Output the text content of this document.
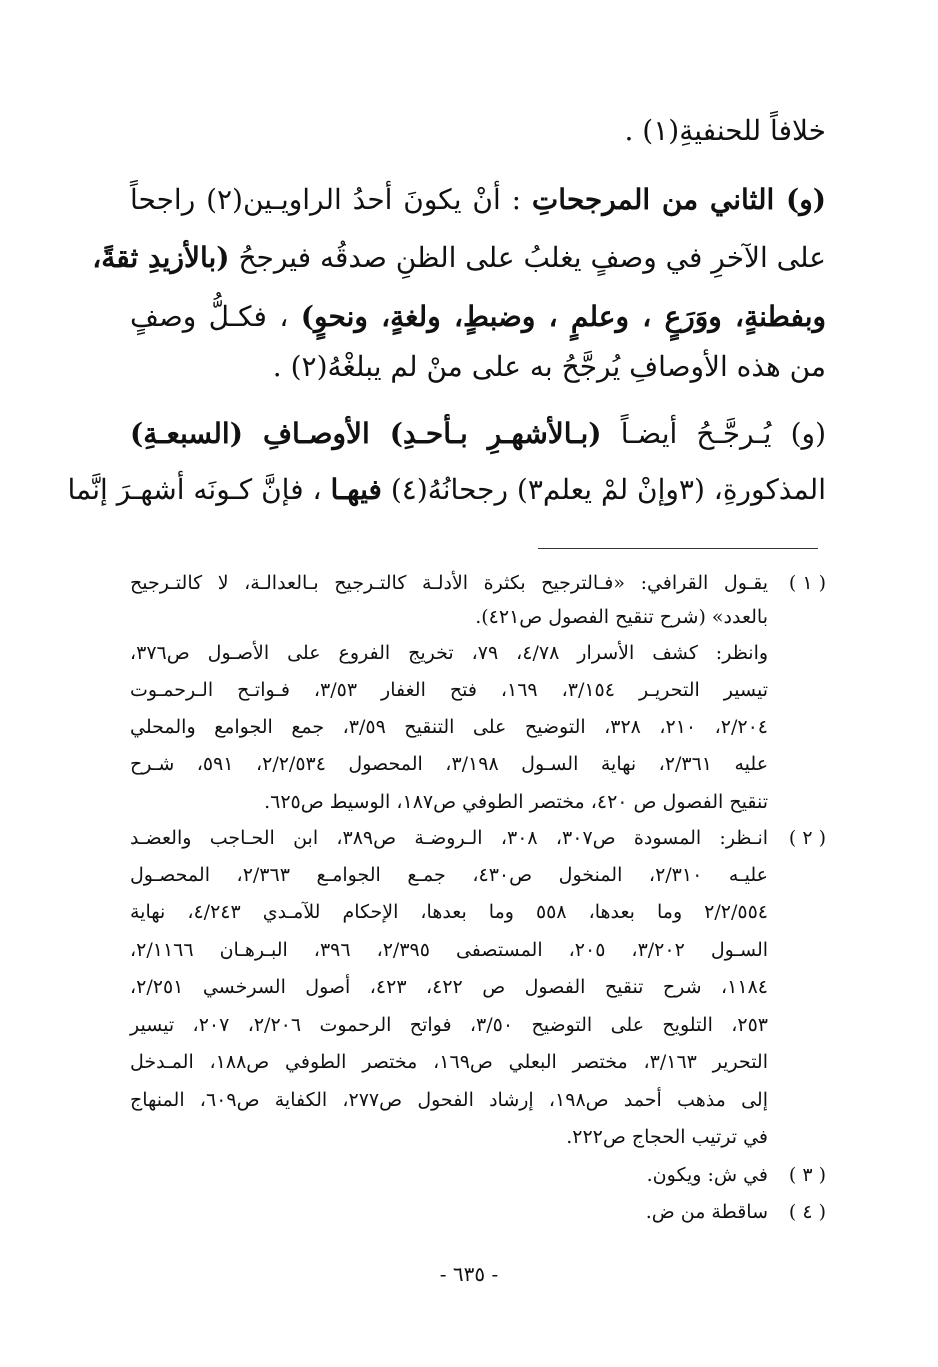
خلافاً للحنفيةِ(١) .
(و) الثاني من المرجحاتِ : أنْ يكونَ أحدُ الراويـين(٢) راجحاً
على الآخرِ في وصفٍ يغلبُ على الظنِ صدقُه فيرجحُ (بالأزيدِ ثقةً،
وبفطنةٍ، ووَرَعٍ ، وعلمٍ ، وضبطٍ، ولغةٍ، ونحوٍ) ، فكـلُّ وصفٍ
من هذه الأوصافِ يُرجَّحُ به على منْ لم يبلغْهُ(٢) .
(و) يُـرجَّـحُ أيضـاً (بـالأشهـرِ بـأحـدِ) الأوصـافِ (السبعـةِ)
المذكورةِ، (٣وإنْ لمْ يعلم٣) رجحانُهُ(٤) فيهـا ، فإنَّ كـونَه أشهـرَ إنَّما
( ١ )
يقـول القرافي: «فـالترجيح بكثرة الأدلـة كالتـرجيح بـالعدالـة، لا كالتـرجيح
بالعدد» (شرح تنقيح الفصول ص٤٢١).
وانظر: كشف الأسرار ٤/٧٨، ٧٩، تخريج الفروع على الأصـول ص٣٧٦،
تيسير التحريـر ٣/١٥٤، ١٦٩، فتح الغفار ٣/٥٣، فـواتـح الـرحمـوت
٢/٢٠٤، ٢١٠، ٣٢٨، التوضيح على التنقيح ٣/٥٩، جمع الجوامع والمحلي
عليه ٢/٣٦١، نهاية السـول ٣/١٩٨، المحصول ٢/٢/٥٣٤، ٥٩١، شـرح
تنقيح الفصول ص ٤٢٠، مختصر الطوفي ص١٨٧، الوسيط ص٦٢٥.
( ٢ )
انـظر: المسودة ص٣٠٧، ٣٠٨، الـروضـة ص٣٨٩، ابن الحـاجب والعضـد
عليـه ٢/٣١٠، المنخول ص٤٣٠، جمـع الجوامـع ٢/٣٦٣، المحصـول
٢/٢/٥٥٤ وما بعدها، ٥٥٨ وما بعدها، الإحكام للآمـدي ٤/٢٤٣، نهاية
السـول ٣/٢٠٢، ٢٠٥، المستصفى ٢/٣٩٥، ٣٩٦، البـرهـان ٢/١١٦٦،
١١٨٤، شرح تنقيح الفصول ص ٤٢٢، ٤٢٣، أصول السرخسي ٢/٢٥١،
٢٥٣، التلويح على التوضيح ٣/٥٠، فواتح الرحموت ٢/٢٠٦، ٢٠٧، تيسير
التحرير ٣/١٦٣، مختصر البعلي ص١٦٩، مختصر الطوفي ص١٨٨، المـدخل
إلى مذهب أحمد ص١٩٨، إرشاد الفحول ص٢٧٧، الكفاية ص٦٠٩، المنهاج
في ترتيب الحجاج ص٢٢٢.
( ٣ )
في ش: ويكون.
( ٤ )
ساقطة من ض.
- ٦٣٥ -
